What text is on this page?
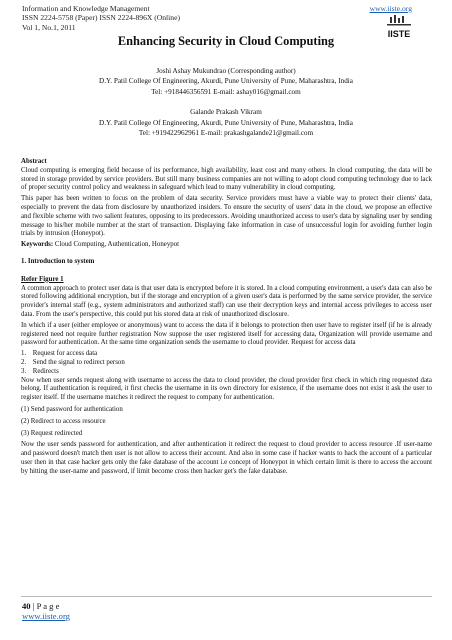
Information and Knowledge Management
ISSN 2224-5758 (Paper) ISSN 2224-896X (Online)
Vol 1, No.1, 2011
www.iiste.org
IISTE
Enhancing Security in Cloud Computing
Joshi Ashay Mukundrao (Corresponding author)
D.Y. Patil College Of Engineering, Akurdi, Pune University of Pune, Maharashtra, India
Tel: +918446356591 E-mail: ashay016@gmail.com
Galande Prakash Vikram
D.Y. Patil College Of Engineering, Akurdi, Pune University of Pune, Maharashtra, India
Tel: +919422962961 E-mail: prakashgalande21@gmail.com
Abstract

Cloud computing is emerging field because of its performance, high availability, least cost and many others. In cloud computing, the data will be stored in storage provided by service providers. But still many business companies are not willing to adopt cloud computing technology due to lack of proper security control policy and weakness in safeguard which lead to many vulnerability in cloud computing.

This paper has been written to focus on the problem of data security. Service providers must have a viable way to protect their clients' data, especially to prevent the data from disclosure by unauthorized insiders. To ensure the security of users' data in the cloud, we propose an effective and flexible scheme with two salient features, opposing to its predecessors. Avoiding unauthorized access to user's data by signaling user by sending message to his/her mobile number at the start of transaction. Displaying fake information in case of unsuccessful login for avoiding further login trials by intrusion (Honeypot).

Keywords: Cloud Computing, Authentication, Honeypot

1. Introduction to system
Refer Figure 1

A common approach to protect user data is that user data is encrypted before it is stored. In a cloud computing environment, a user's data can also be stored following additional encryption, but if the storage and encryption of a given user's data is performed by the same service provider, the service provider's internal staff (e.g., system administrators and authorized staff) can use their decryption keys and internal access privileges to access user data. From the user's perspective, this could put his stored data at risk of unauthorized disclosure.

In which if a user (either employee or anonymous) want to access the data if it belongs to protection then user have to register itself (if he is already registered need not require further registration Now suppose the user registered itself for accessing data, Organization will provide username and password for authentication. At the same time organization sends the username to cloud provider. Request for access data

1. Request for access data
2. Send the signal to redirect person
3. Redirects

Now when user sends request along with username to access the data to cloud provider, the cloud provider first check in which ring requested data belong. If authentication is required, it first checks the username in its own directory for existence, if the username does not exist it ask the user to register itself. If the username matches it redirect the request to company for authentication.

(1) Send password for authentication
(2) Redirect to access resource
(3) Request redirected

Now the user sends password for authentication, and after authentication it redirect the request to cloud provider to access resource .If user-name and password doesn't match then user is not allow to access their account. And also in some case if hacker wants to hack the account of a particular user then in that case hacker gets only the fake database of the account i.e concept of Honeypot in which certain limit is there to access the account by hitting the user-name and password, if limit become cross then hacker get's the fake database.

40 | P a g e
www.iiste.org
